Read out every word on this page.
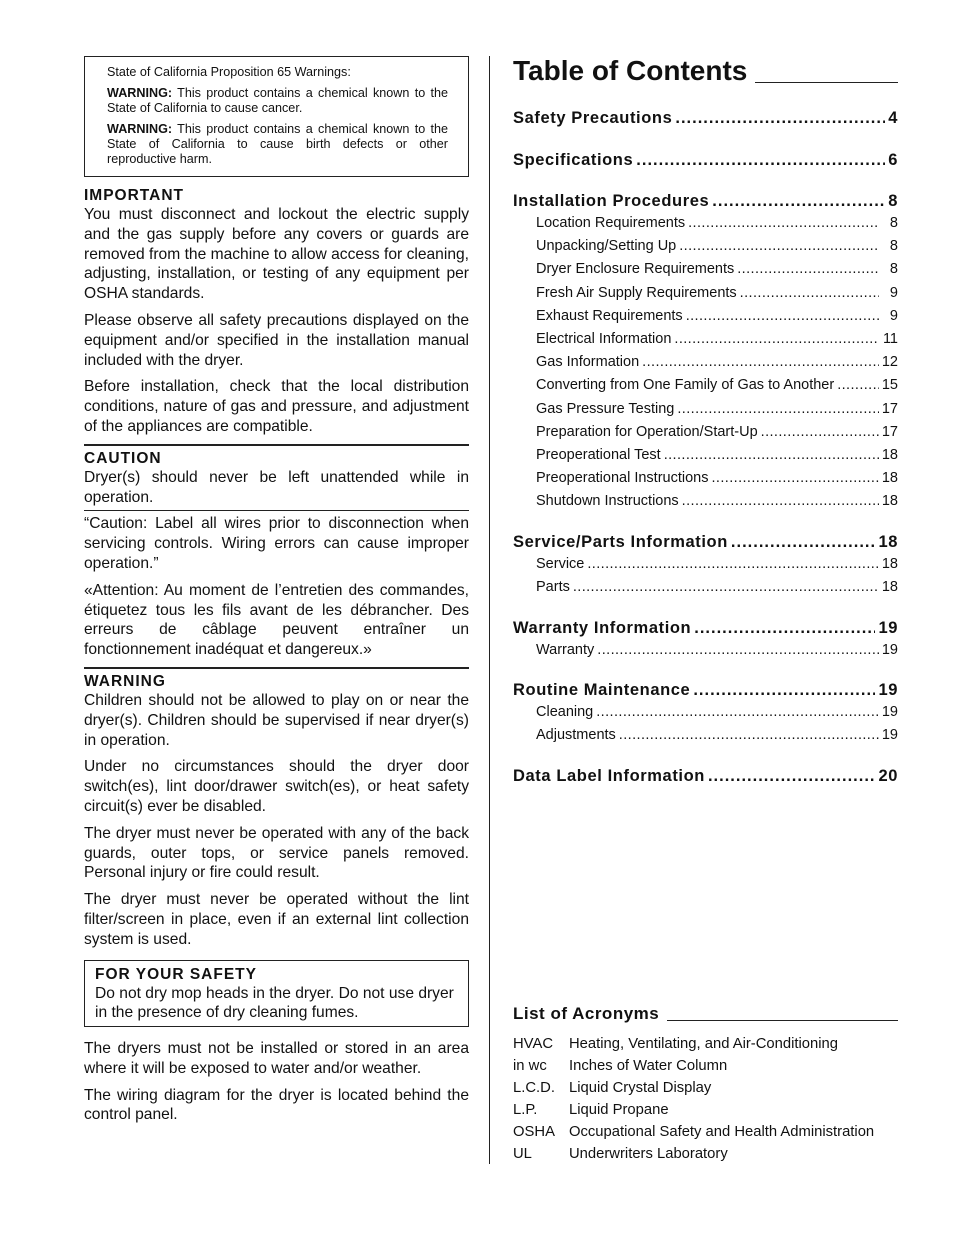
State of California Proposition 65 Warnings:

WARNING: This product contains a chemical known to the State of California to cause cancer.

WARNING: This product contains a chemical known to the State of California to cause birth defects or other reproductive harm.

IMPORTANT

You must disconnect and lockout the electric supply and the gas supply before any covers or guards are removed from the machine to allow access for cleaning, adjusting, installation, or testing of any equipment per OSHA standards.

Please observe all safety precautions displayed on the equipment and/or specified in the installation manual included with the dryer.

Before installation, check that the local distribution conditions, nature of gas and pressure, and adjustment of the appliances are compatible.

CAUTION

Dryer(s) should never be left unattended while in operation.

“Caution: Label all wires prior to disconnection when servicing controls. Wiring errors can cause improper operation.”

«Attention: Au moment de l’entretien des commandes, étiquetez tous les fils avant de les débrancher. Des erreurs de câblage peuvent entraîner un fonctionnement inadéquat et dangereux.»

WARNING

Children should not be allowed to play on or near the dryer(s). Children should be supervised if near dryer(s) in operation.

Under no circumstances should the dryer door switch(es), lint door/drawer switch(es), or heat safety circuit(s) ever be disabled.

The dryer must never be operated with any of the back guards, outer tops, or service panels removed. Personal injury or fire could result.

The dryer must never be operated without the lint filter/screen in place, even if an external lint collection system is used.

FOR YOUR SAFETY

Do not dry mop heads in the dryer. Do not use dryer in the presence of dry cleaning fumes.

The dryers must not be installed or stored in an area where it will be exposed to water and/or weather.

The wiring diagram for the dryer is located behind the control panel.

Table of Contents
Safety Precautions .....	4
Specifications .....	6
Installation Procedures .....	8
Location Requirements .....	8
Unpacking/Setting Up .....	8
Dryer Enclosure Requirements .....	8
Fresh Air Supply Requirements .....	9
Exhaust Requirements .....	9
Electrical Information .....	11
Gas Information .....	12
Converting from One Family of Gas to Another .....	15
Gas Pressure Testing .....	17
Preparation for Operation/Start-Up .....	17
Preoperational Test .....	18
Preoperational Instructions .....	18
Shutdown Instructions .....	18
Service/Parts Information .....	18
Service .....	18
Parts .....	18
Warranty Information .....	19
Warranty .....	19
Routine Maintenance .....	19
Cleaning .....	19
Adjustments .....	19
Data Label Information .....	20
List of Acronyms
HVAC	Heating, Ventilating, and Air-Conditioning
in wc	Inches of Water Column
L.C.D. Liquid Crystal Display
L.P.	Liquid Propane
OSHA Occupational Safety and Health Administration
UL	Underwriters Laboratory
